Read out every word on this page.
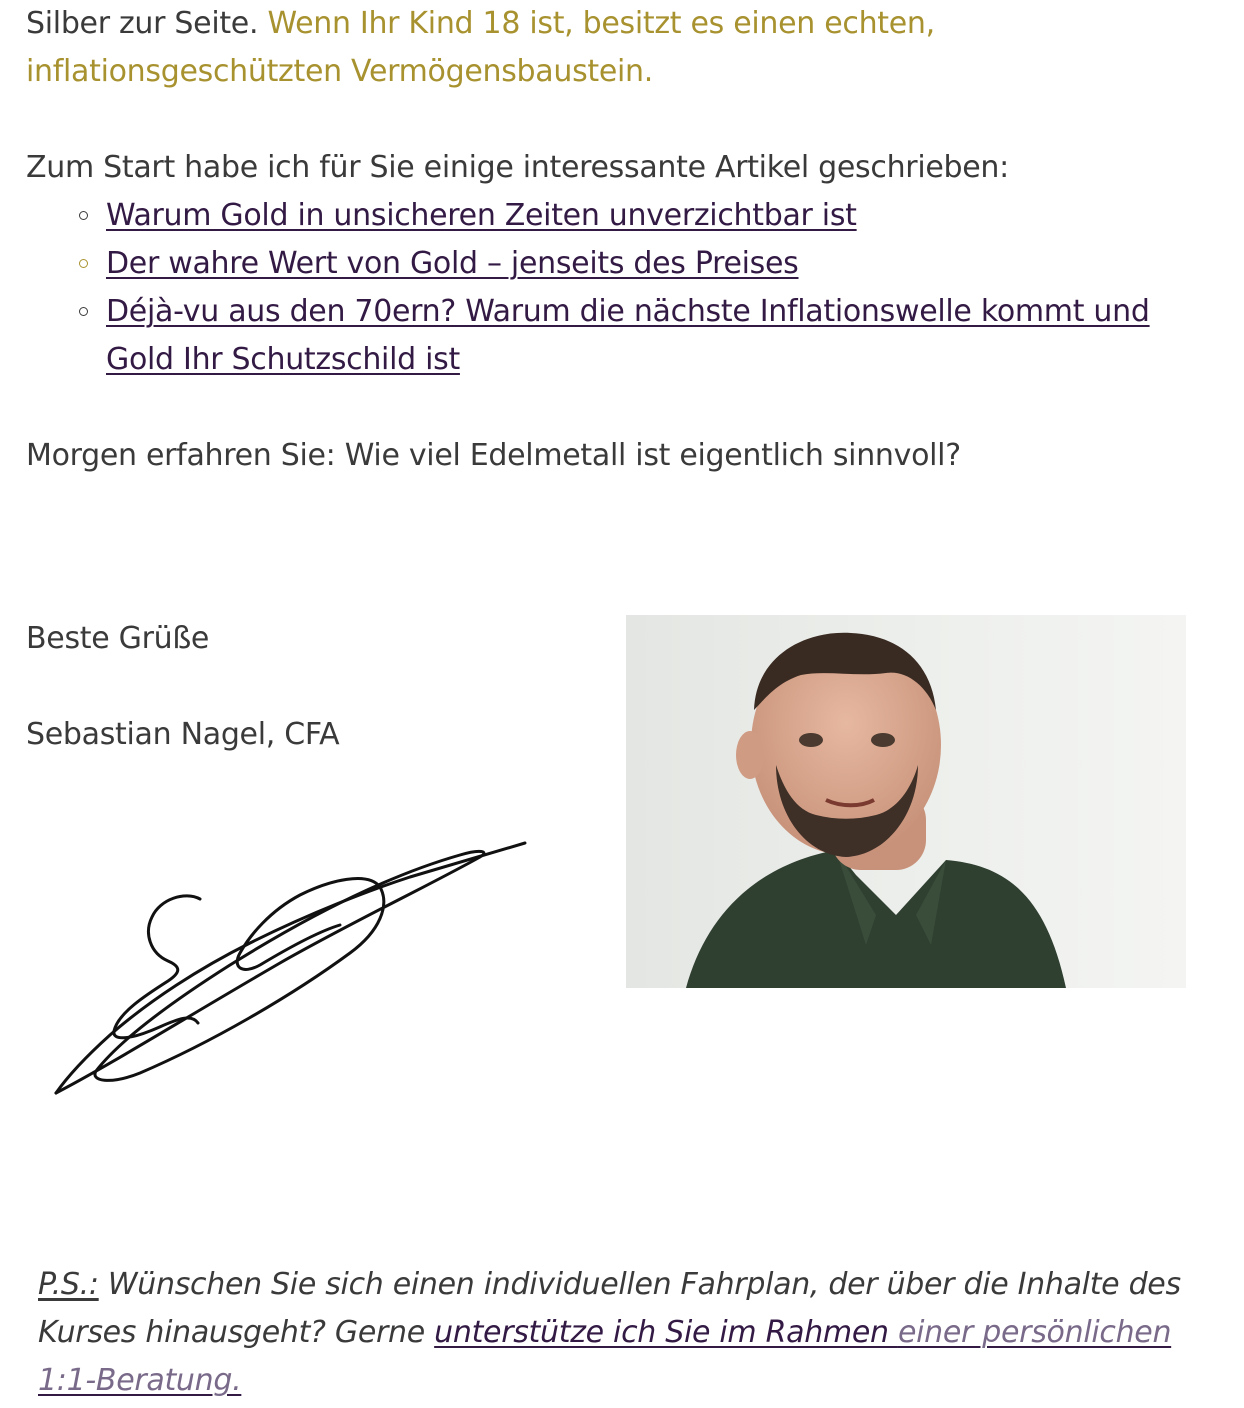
Silber zur Seite. Wenn Ihr Kind 18 ist, besitzt es einen echten, inflationsgeschützten Vermögensbaustein.

Zum Start habe ich für Sie einige interessante Artikel geschrieben:

Warum Gold in unsicheren Zeiten unverzichtbar ist
Der wahre Wert von Gold – jenseits des Preises
Déjà-vu aus den 70ern? Warum die nächste Inflationswelle kommt und Gold Ihr Schutzschild ist

Morgen erfahren Sie: Wie viel Edelmetall ist eigentlich sinnvoll?

Beste Grüße

Sebastian Nagel, CFA

P.S.: Wünschen Sie sich einen individuellen Fahrplan, der über die Inhalte des Kurses hinausgeht? Gerne unterstütze ich Sie im Rahmen einer persönlichen 1:1-Beratung.
